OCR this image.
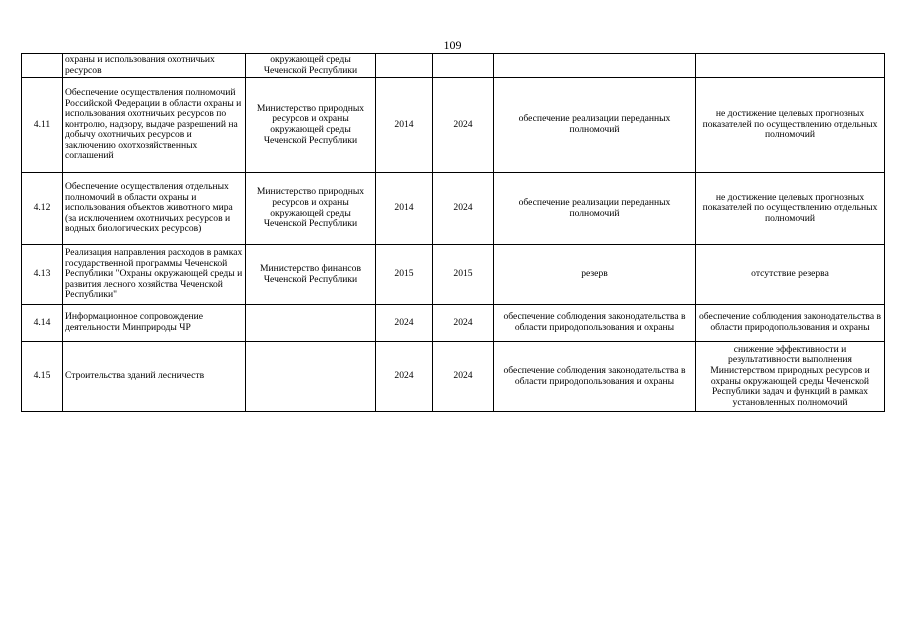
109
	охраны и использования охотничьих ресурсов	окружающей среды Чеченской Республики				
4.11	Обеспечение осуществления полномочий Российской Федерации в области охраны и использования охотничьих ресурсов по контролю, надзору, выдаче разрешений на добычу охотничьих ресурсов и заключению охотхозяйственных соглашений	Министерство природных ресурсов и охраны окружающей среды Чеченской Республики	2014	2024	обеспечение реализации переданных полномочий	не достижение целевых прогнозных показателей по осуществлению отдельных полномочий
4.12	Обеспечение осуществления отдельных полномочий в области охраны и использования объектов животного мира (за исключением охотничьих ресурсов и водных биологических ресурсов)	Министерство природных ресурсов и охраны окружающей среды Чеченской Республики	2014	2024	обеспечение реализации переданных полномочий	не достижение целевых прогнозных показателей по осуществлению отдельных полномочий
4.13	Реализация направления расходов в рамках государственной программы Чеченской Республики "Охраны окружающей среды и развития лесного хозяйства Чеченской Республики"	Министерство финансов Чеченской Республики	2015	2015	резерв	отсутствие резерва
4.14	Информационное сопровождение деятельности Минприроды ЧР		2024	2024	обеспечение соблюдения законодательства в области природопользования и охраны	обеспечение соблюдения законодательства в области природопользования и охраны
4.15	Строительства зданий лесничеств		2024	2024	обеспечение соблюдения законодательства в области природопользования и охраны	снижение эффективности и результативности выполнения Министерством природных ресурсов и охраны окружающей среды Чеченской Республики задач и функций в рамках установленных полномочий
